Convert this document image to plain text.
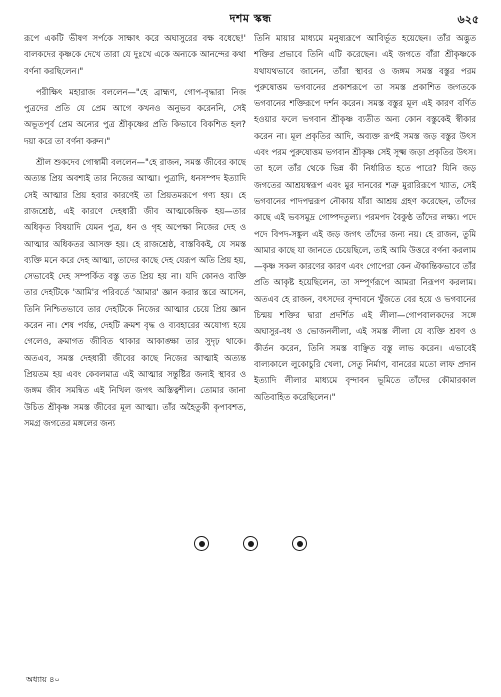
দশম স্কন্ধ	৬২৫

রূপে একটি ভীষণ সর্পকে সাক্ষাৎ করে অঘাসুরের বক্ষ বধেছে!' বালকদের কৃষ্ণকে দেখে তারা যে দুঃখে একে অন্যকে আনন্দের কথা বর্ণনা করছিলেন।"

পরীক্ষিৎ মহারাজ বললেন—"হে ব্রাহ্মণ, গোপ-বৃদ্ধারা নিজ পুত্রদের প্রতি যে প্রেম আগে কখনও অনুভব করেননি, সেই অভূতপূর্ব প্রেম অন্যের পুত্র শ্রীকৃষ্ণের প্রতি কিভাবে বিকশিত হল? দয়া করে তা বর্ণনা করুন।"

শ্রীল শুকদেব গোস্বামী বললেন—"হে রাজন, সমস্ত জীবের কাছে অত্যন্ত প্রিয় অবশ্যই তার নিজের আত্মা। পুত্রাদি, ধনসম্পদ ইত্যাদি সেই আত্মার প্রিয় হবার কারণেই তা প্রিয়তমরূপে গণ্য হয়। হে রাজশ্রেষ্ঠ, এই কারণে দেহধারী জীব আত্মকেন্দ্রিক হয়—তার অধিকৃত বিষয়াদি যেমন পুত্র, ধন ও গৃহ অপেক্ষা নিজের দেহ ও আত্মার অধিকতর আসক্ত হয়। হে রাজশ্রেষ্ঠ, বাস্তবিকই, যে সমস্ত ব্যক্তি মনে করে দেহ আত্মা, তাদের কাছে দেহ যেরূপ অতি প্রিয় হয়, সেভাবেই দেহ সম্পর্কিত বস্তু তত প্রিয় হয় না। যদি কোনও ব্যক্তি তার দেহটিকে 'আমি'র পরিবর্তে 'আমার' জ্ঞান করার স্তরে আসেন, তিনি নিশ্চিতভাবে তার দেহটিকে নিজের আত্মার চেয়ে প্রিয় জ্ঞান করেন না। শেষ পর্যন্ত, দেহটি ক্রমশ বৃদ্ধ ও ব্যবহারের অযোগ্য হয়ে গেলেও, ক্রমাগত জীবিত থাকার আকাঙ্ক্ষা তার সুদৃঢ় থাকে। অতএব, সমস্ত দেহধারী জীবের কাছে নিজের আত্মাই অত্যন্ত প্রিয়তম হয় এবং কেবলমাত্র এই আত্মার সন্তুষ্টির জন্যই স্থাবর ও জঙ্গম জীব সমন্বিত এই নিখিল জগৎ অস্তিত্বশীল। তোমার জানা উচিত শ্রীকৃষ্ণ সমস্ত জীবের মূল আত্মা। তাঁর অহৈতুকী কৃপাবশত, সমগ্র জগতের মঙ্গলের জন্য

তিনি মায়ার মাধ্যমে মনুষ্যরূপে আবির্ভূত হয়েছেন। তাঁর অদ্ভুত শক্তির প্রভাবে তিনি এটি করেছেন। এই জগতে বাঁরা শ্রীকৃষ্ণকে যথাযথভাবে জানেন, তাঁরা স্থাবর ও জঙ্গম সমস্ত বস্তুর পরম পুরুষোত্তম ভগবানের প্রকাশরূপে তা সমস্ত প্রকাশিত জগতকে ভগবানের শক্তিরূপে দর্শন করেন। সমস্ত বস্তুর মূল এই কারণ বর্ণিত হওয়ার ফলে ভগবান শ্রীকৃষ্ণ ব্যতীত অন্য কোন বস্তুকেই স্বীকার করেন না। মূল প্রকৃতির আদি, অব্যক্ত রূপই সমস্ত জড় বস্তুর উৎস এবং পরম পুরুষোত্তম ভগবান শ্রীকৃষ্ণ সেই সূক্ষ্ম জড়া প্রকৃতির উৎস। তা হলে তাঁর থেকে ভিন্ন কী নির্ধারিত হতে পারে? যিনি জড় জগতের আশ্রয়স্বরূপ এবং মুর দানবের শত্রু মুরারিরূপে খ্যাত, সেই ভগবানের পাদপদ্মরূপ নৌকায় যাঁরা আশ্রয় গ্রহণ করেছেন, তাঁদের কাছে এই ভবসমুদ্র গোষ্পদতুল্য। পরমপদ বৈকুণ্ঠ তাঁদের লক্ষ্য। পদে পদে বিপদ-সঙ্কুল এই জড় জগৎ তাঁদের জন্য নয়। হে রাজন, তুমি আমার কাছে যা জানতে চেয়েছিলে, তাই আমি উত্তরে বর্ণনা করলাম—কৃষ্ণ সকল কারণের কারণ এবং গোপেরা কেন ঐকান্তিকভাবে তাঁর প্রতি আকৃষ্ট হয়েছিলেন, তা সম্পূর্ণরূপে আমরা নিরূপণ করলাম। অতএব হে রাজন, বৎসদের বৃন্দাবনে খুঁজতে বের হয়ে ও ভগবানের চিন্ময় শক্তির দ্বারা প্রদর্শিত এই লীলা—গোপবালকদের সঙ্গে অঘাসুর-বধ ও ভোজনলীলা, এই সমস্ত লীলা যে ব্যক্তি শ্রবণ ও কীর্তন করেন, তিনি সমস্ত বাঞ্ছিত বস্তু লাভ করেন। এভাবেই বাল্যকালে লুকোচুরি খেলা, সেতু নির্মাণ, বানরের মতো লাফ প্রদান ইত্যাদি লীলার মাধ্যমে বৃন্দাবন ভূমিতে তাঁদের কৌমারকাল অতিবাহিত করেছিলেন।"

অধ্যায় ৪০
